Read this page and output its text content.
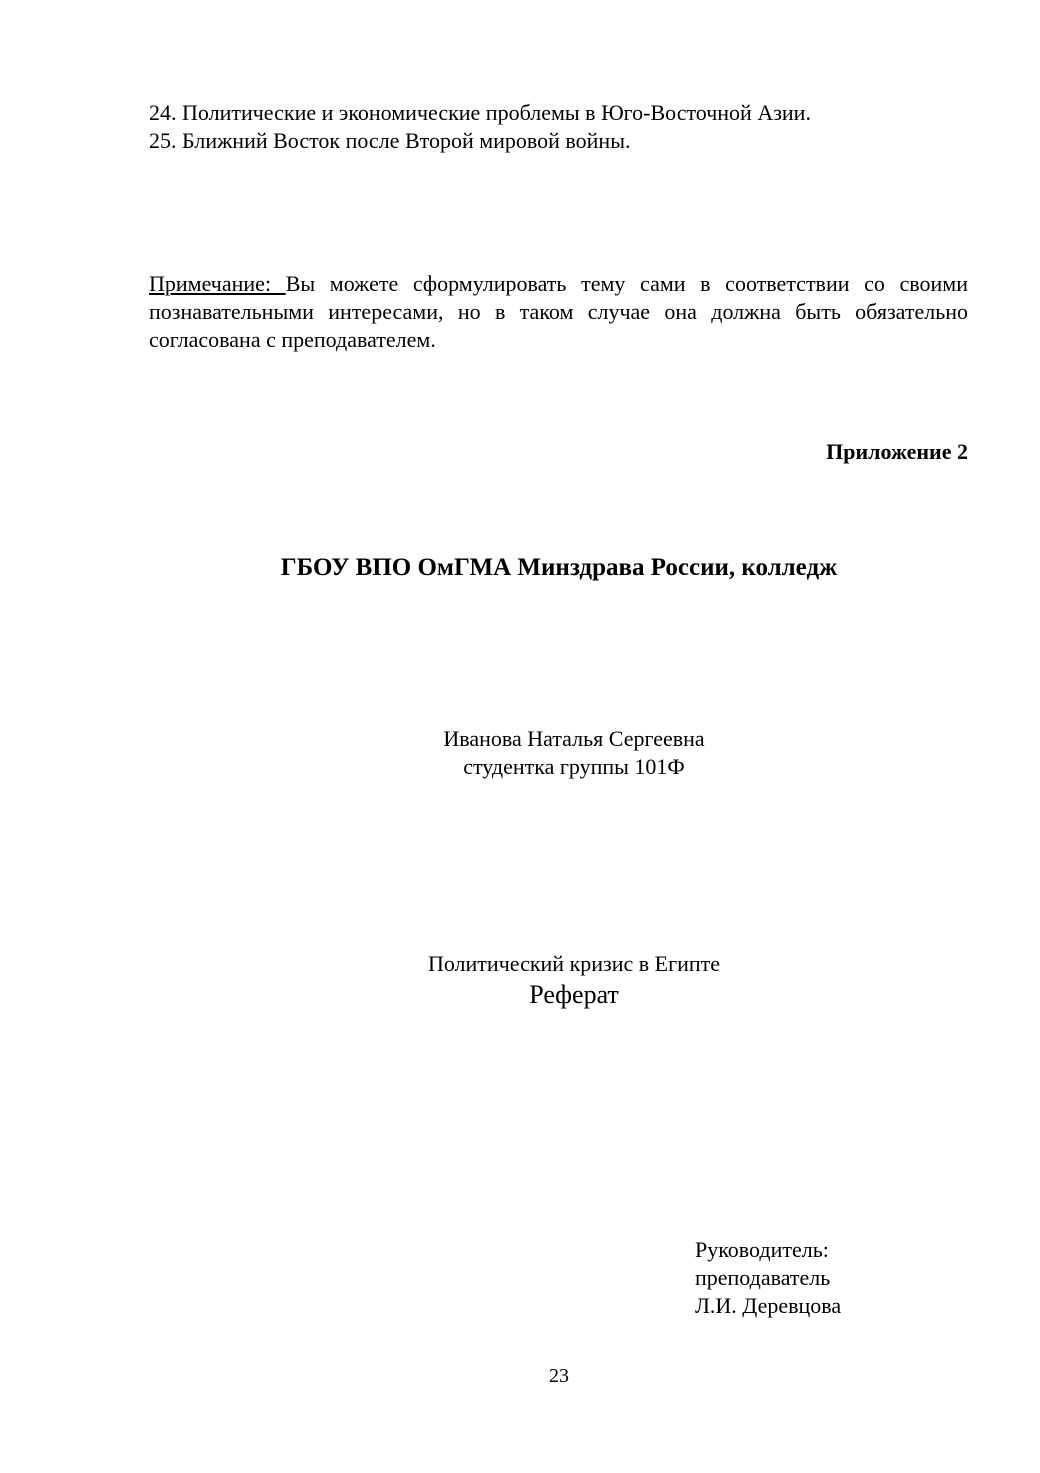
24. Политические и экономические проблемы в Юго-Восточной Азии.
25. Ближний Восток после Второй мировой войны.
Примечание: Вы можете сформулировать тему сами в соответствии со своими познавательными интересами, но в таком случае она должна быть обязательно согласована с преподавателем.
Приложение 2
ГБОУ ВПО ОмГМА Минздрава России, колледж
Иванова Наталья Сергеевна
студентка группы 101Ф
Политический кризис в Египте
Реферат
Руководитель:
преподаватель
Л.И. Деревцова
23
